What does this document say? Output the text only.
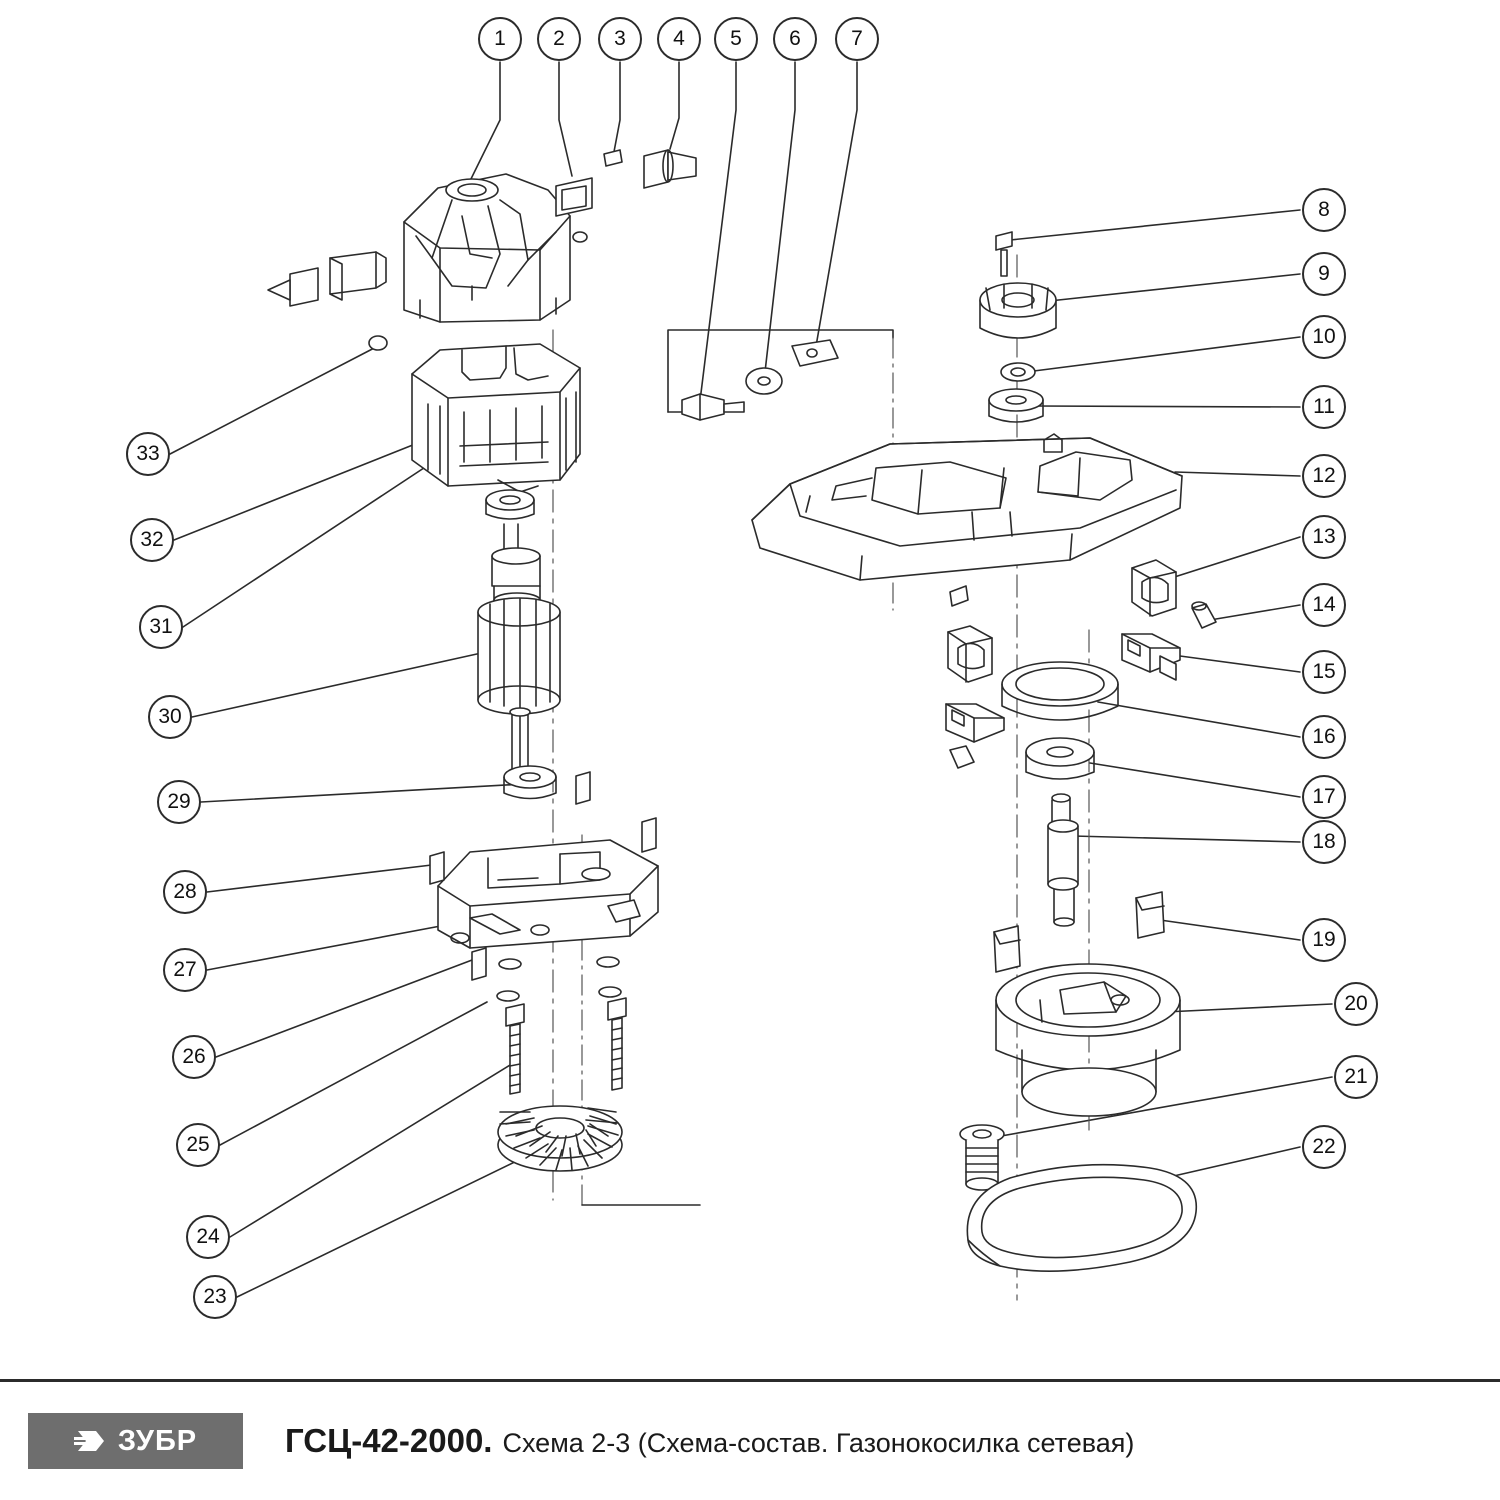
1	2	3	4	5	6	7
8
9
10
11
12
13
14
15
16
17
18
19
20
21
22
23
24
25
26
27
28
29
30
31
32
33
ЗУБР	ГСЦ-42-2000. Схема 2-3 (Схема-состав. Газонокосилка сетевая)
